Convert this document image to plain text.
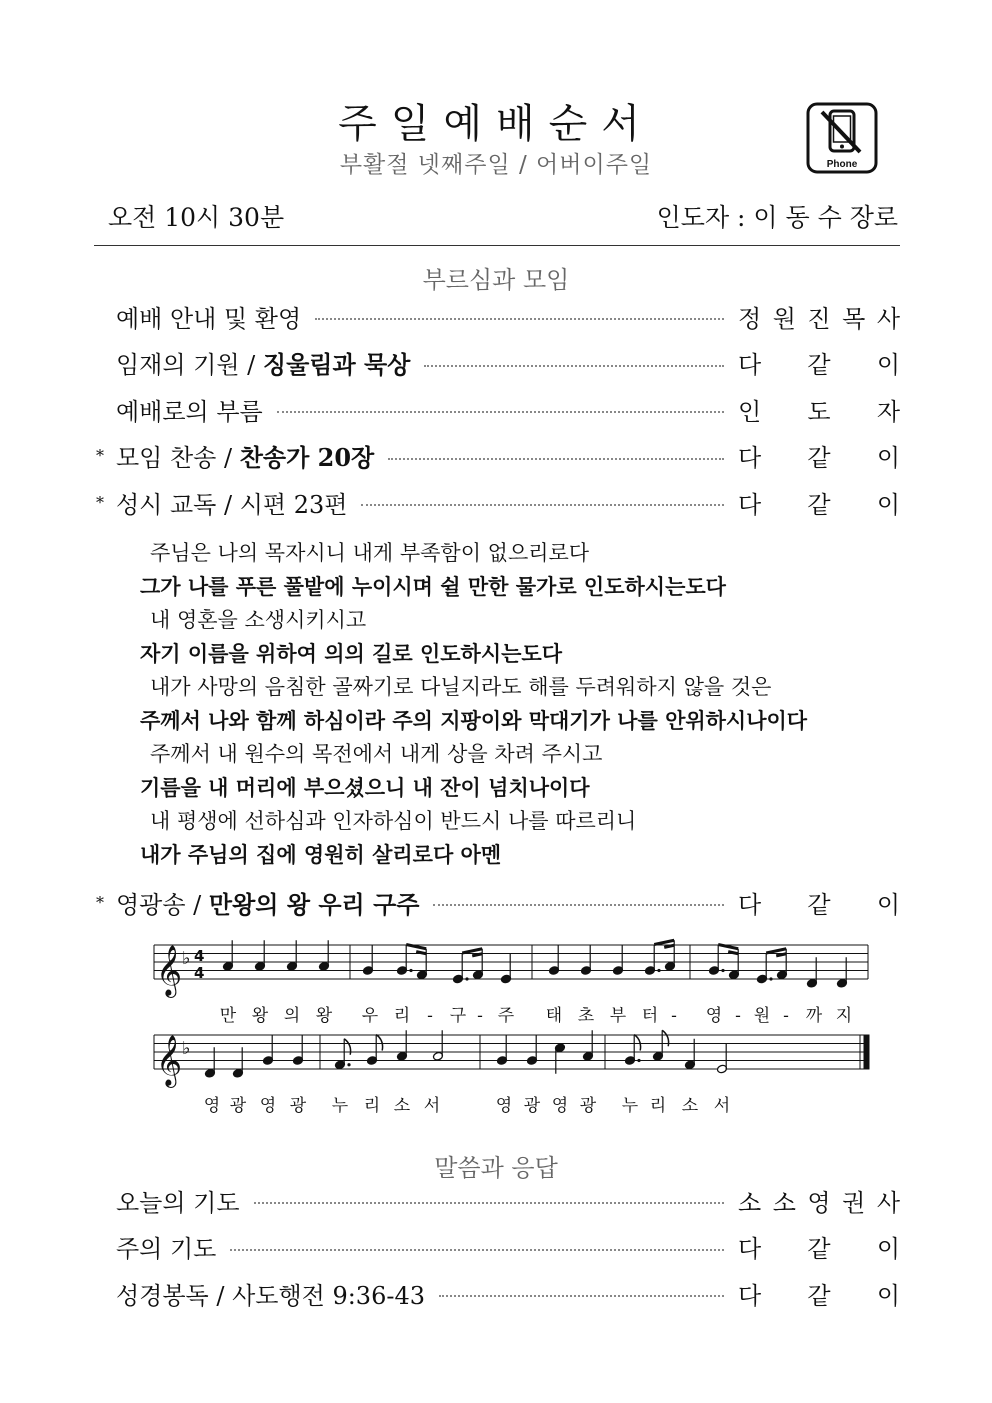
주일예배순서
부활절 넷째주일 / 어버이주일	Phone
오전 10시 30분	인도자 : 이 동 수 장로
부르심과 모임
예배 안내 및 환영	정 원 진 목 사
임재의 기원 / 징울림과 묵상	다 같 이
예배로의 부름	인 도 자
* 모임 찬송 / 찬송가 20장	다 같 이
* 성시 교독 / 시편 23편	다 같 이
주님은 나의 목자시니 내게 부족함이 없으리로다
그가 나를 푸른 풀밭에 누이시며 쉴 만한 물가로 인도하시는도다
내 영혼을 소생시키시고
자기 이름을 위하여 의의 길로 인도하시는도다
내가 사망의 음침한 골짜기로 다닐지라도 해를 두려워하지 않을 것은
주께서 나와 함께 하심이라 주의 지팡이와 막대기가 나를 안위하시나이다
주께서 내 원수의 목전에서 내게 상을 차려 주시고
기름을 내 머리에 부으셨으니 내 잔이 넘치나이다
내 평생에 선하심과 인자하심이 반드시 나를 따르리니
내가 주님의 집에 영원히 살리로다 아멘
* 영광송 / 만왕의 왕 우리 구주	다 같 이
𝄞 ♭
𝄞 ♭
4
4
만 왕 의 왕 우 리 - 구 - 주 태 초 부 터 - 영 - 원 - 까 지
영 광 영 광 누 리 소 서	영 광 영 광 누 리 소 서
말씀과 응답
오늘의 기도	소 소 영 권 사
주의 기도	다 같 이
성경봉독 / 사도행전 9:36-43	다 같 이
